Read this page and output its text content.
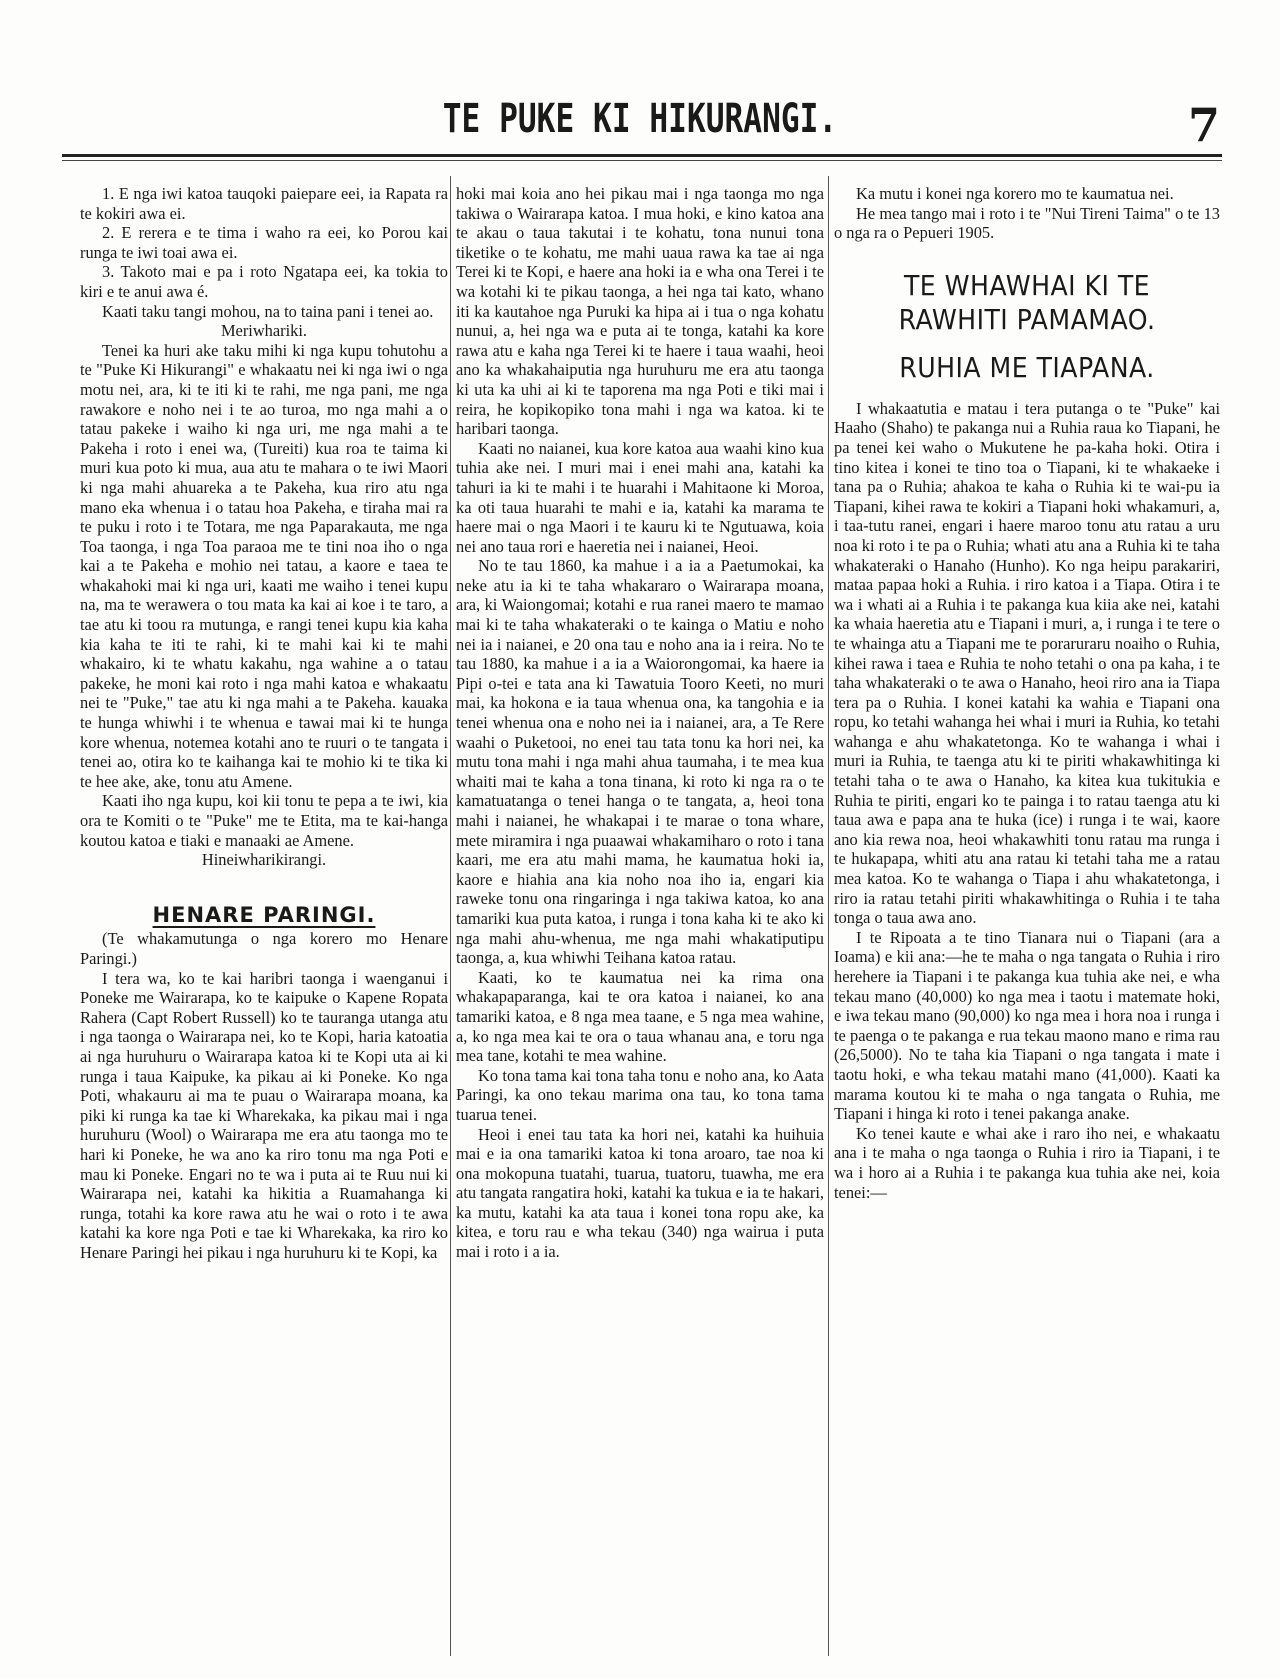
TE PUKE KI HIKURANGI.	7

1. E nga iwi katoa tauqoki paiepare eei, ia Rapata ra te kokiri awa ei.

2. E rerera e te tima i waho ra eei, ko Porou kai runga te iwi toai awa ei.

3. Takoto mai e pa i roto Ngatapa eei, ka tokia to kiri e te anui awa é.

Kaati taku tangi mohou, na to taina pani i tenei ao.

Meriwhariki.

Tenei ka huri ake taku mihi ki nga kupu tohutohu a te "Puke Ki Hikurangi" e whakaatu nei ki nga iwi o nga motu nei, ara, ki te iti ki te rahi, me nga pani, me nga rawakore e noho nei i te ao turoa, mo nga mahi a o tatau pakeke i waiho ki nga uri, me nga mahi a te Pakeha i roto i enei wa, (Tureiti) kua roa te taima ki muri kua poto ki mua, aua atu te mahara o te iwi Maori ki nga mahi ahuareka a te Pakeha, kua riro atu nga mano eka whenua i o tatau hoa Pakeha, e tiraha mai ra te puku i roto i te Totara, me nga Paparakauta, me nga Toa taonga, i nga Toa paraoa me te tini noa iho o nga kai a te Pakeha e mohio nei tatau, a kaore e taea te whakahoki mai ki nga uri, kaati me waiho i tenei kupu na, ma te werawera o tou mata ka kai ai koe i te taro, a tae atu ki toou ra mutunga, e rangi tenei kupu kia kaha kia kaha te iti te rahi, ki te mahi kai ki te mahi whakairo, ki te whatu kakahu, nga wahine a o tatau pakeke, he moni kai roto i nga mahi katoa e whakaatu nei te "Puke," tae atu ki nga mahi a te Pakeha. kauaka te hunga whiwhi i te whenua e tawai mai ki te hunga kore whenua, notemea kotahi ano te ruuri o te tangata i tenei ao, otira ko te kaihanga kai te mohio ki te tika ki te hee ake, ake, tonu atu Amene.

Kaati iho nga kupu, koi kii tonu te pepa a te iwi, kia ora te Komiti o te "Puke" me te Etita, ma te kai-hanga koutou katoa e tiaki e manaaki ae Amene.

Hineiwharikirangi.

HENARE PARINGI.

(Te whakamutunga o nga korero mo Henare Paringi.)

I tera wa, ko te kai haribri taonga i waenganui i Poneke me Wairarapa, ko te kaipuke o Kapene Ropata Rahera (Capt Robert Russell) ko te tauranga utanga atu i nga taonga o Wairarapa nei, ko te Kopi, haria katoatia ai nga huruhuru o Wairarapa katoa ki te Kopi uta ai ki runga i taua Kaipuke, ka pikau ai ki Poneke. Ko nga Poti, whakauru ai ma te puau o Wairarapa moana, ka piki ki runga ka tae ki Wharekaka, ka pikau mai i nga huruhuru (Wool) o Wairarapa me era atu taonga mo te hari ki Poneke, he wa ano ka riro tonu ma nga Poti e mau ki Poneke. Engari no te wa i puta ai te Ruu nui ki Wairarapa nei, katahi ka hikitia a Ruamahanga ki runga, totahi ka kore rawa atu he wai o roto i te awa katahi ka kore nga Poti e tae ki Wharekaka, ka riro ko Henare Paringi hei pikau i nga huruhuru ki te Kopi, ka

hoki mai koia ano hei pikau mai i nga taonga mo nga takiwa o Wairarapa katoa. I mua hoki, e kino katoa ana te akau o taua takutai i te kohatu, tona nunui tona tiketike o te kohatu, me mahi uaua rawa ka tae ai nga Terei ki te Kopi, e haere ana hoki ia e wha ona Terei i te wa kotahi ki te pikau taonga, a hei nga tai kato, whano iti ka kautahoe nga Puruki ka hipa ai i tua o nga kohatu nunui, a, hei nga wa e puta ai te tonga, katahi ka kore rawa atu e kaha nga Terei ki te haere i taua waahi, heoi ano ka whakahaiputia nga huruhuru me era atu taonga ki uta ka uhi ai ki te taporena ma nga Poti e tiki mai i reira, he kopikopiko tona mahi i nga wa katoa. ki te haribari taonga.

Kaati no naianei, kua kore katoa aua waahi kino kua tuhia ake nei. I muri mai i enei mahi ana, katahi ka tahuri ia ki te mahi i te huarahi i Mahitaone ki Moroa, ka oti taua huarahi te mahi e ia, katahi ka marama te haere mai o nga Maori i te kauru ki te Ngutuawa, koia nei ano taua rori e haeretia nei i naianei, Heoi.

No te tau 1860, ka mahue i a ia a Paetumokai, ka neke atu ia ki te taha whakararo o Wairarapa moana, ara, ki Waiongomai; kotahi e rua ranei maero te mamao mai ki te taha whakateraki o te kainga o Matiu e noho nei ia i naianei, e 20 ona tau e noho ana ia i reira. No te tau 1880, ka mahue i a ia a Waiorongomai, ka haere ia Pipi o-tei e tata ana ki Tawatuia Tooro Keeti, no muri mai, ka hokona e ia taua whenua ona, ka tangohia e ia tenei whenua ona e noho nei ia i naianei, ara, a Te Rere waahi o Puketooi, no enei tau tata tonu ka hori nei, ka mutu tona mahi i nga mahi ahua taumaha, i te mea kua whaiti mai te kaha a tona tinana, ki roto ki nga ra o te kamatuatanga o tenei hanga o te tangata, a, heoi tona mahi i naianei, he whakapai i te marae o tona whare, mete miramira i nga puaawai whakamiharo o roto i tana kaari, me era atu mahi mama, he kaumatua hoki ia, kaore e hiahia ana kia noho noa iho ia, engari kia raweke tonu ona ringaringa i nga takiwa katoa, ko ana tamariki kua puta katoa, i runga i tona kaha ki te ako ki nga mahi ahu-whenua, me nga mahi whakatiputipu taonga, a, kua whiwhi Teihana katoa ratau.

Kaati, ko te kaumatua nei ka rima ona whakapaparanga, kai te ora katoa i naianei, ko ana tamariki katoa, e 8 nga mea taane, e 5 nga mea wahine, a, ko nga mea kai te ora o taua whanau ana, e toru nga mea tane, kotahi te mea wahine.

Ko tona tama kai tona taha tonu e noho ana, ko Aata Paringi, ka ono tekau marima ona tau, ko tona tama tuarua tenei.

Heoi i enei tau tata ka hori nei, katahi ka huihuia mai e ia ona tamariki katoa ki tona aroaro, tae noa ki ona mokopuna tuatahi, tuarua, tuatoru, tuawha, me era atu tangata rangatira hoki, katahi ka tukua e ia te hakari, ka mutu, katahi ka ata taua i konei tona ropu ake, ka kitea, e toru rau e wha tekau (340) nga wairua i puta mai i roto i a ia.

Ka mutu i konei nga korero mo te kaumatua nei.

He mea tango mai i roto i te "Nui Tireni Taima" o te 13 o nga ra o Pepueri 1905.

TE WHAWHAI KI TE RAWHITI PAMAMAO.
RUHIA ME TIAPANA.

I whakaatutia e matau i tera putanga o te "Puke" kai Haaho (Shaho) te pakanga nui a Ruhia raua ko Tiapani, he pa tenei kei waho o Mukutene he pa-kaha hoki. Otira i tino kitea i konei te tino toa o Tiapani, ki te whakaeke i tana pa o Ruhia; ahakoa te kaha o Ruhia ki te wai-pu ia Tiapani, kihei rawa te kokiri a Tiapani hoki whakamuri, a, i taa-tutu ranei, engari i haere maroo tonu atu ratau a uru noa ki roto i te pa o Ruhia; whati atu ana a Ruhia ki te taha whakateraki o Hanaho (Hunho). Ko nga heipu parakariri, mataa papaa hoki a Ruhia. i riro katoa i a Tiapa. Otira i te wa i whati ai a Ruhia i te pakanga kua kiia ake nei, katahi ka whaia haeretia atu e Tiapani i muri, a, i runga i te tere o te whainga atu a Tiapani me te poraruraru noaiho o Ruhia, kihei rawa i taea e Ruhia te noho tetahi o ona pa kaha, i te taha whakateraki o te awa o Hanaho, heoi riro ana ia Tiapa tera pa o Ruhia. I konei katahi ka wahia e Tiapani ona ropu, ko tetahi wahanga hei whai i muri ia Ruhia, ko tetahi wahanga e ahu whakatetonga. Ko te wahanga i whai i muri ia Ruhia, te taenga atu ki te piriti whakawhitinga ki tetahi taha o te awa o Hanaho, ka kitea kua tukitukia e Ruhia te piriti, engari ko te painga i to ratau taenga atu ki taua awa e papa ana te huka (ice) i runga i te wai, kaore ano kia rewa noa, heoi whakawhiti tonu ratau ma runga i te hukapapa, whiti atu ana ratau ki tetahi taha me a ratau mea katoa. Ko te wahanga o Tiapa i ahu whakatetonga, i riro ia ratau tetahi piriti whakawhitinga o Ruhia i te taha tonga o taua awa ano.

I te Ripoata a te tino Tianara nui o Tiapani (ara a Ioama) e kii ana:—he te maha o nga tangata o Ruhia i riro herehere ia Tiapani i te pakanga kua tuhia ake nei, e wha tekau mano (40,000) ko nga mea i taotu i matemate hoki, e iwa tekau mano (90,000) ko nga mea i hora noa i runga i te paenga o te pakanga e rua tekau maono mano e rima rau (26,5000). No te taha kia Tiapani o nga tangata i mate i taotu hoki, e wha tekau matahi mano (41,000). Kaati ka marama koutou ki te maha o nga tangata o Ruhia, me Tiapani i hinga ki roto i tenei pakanga anake.

Ko tenei kaute e whai ake i raro iho nei, e whakaatu ana i te maha o nga taonga o Ruhia i riro ia Tiapani, i te wa i horo ai a Ruhia i te pakanga kua tuhia ake nei, koia tenei:—
